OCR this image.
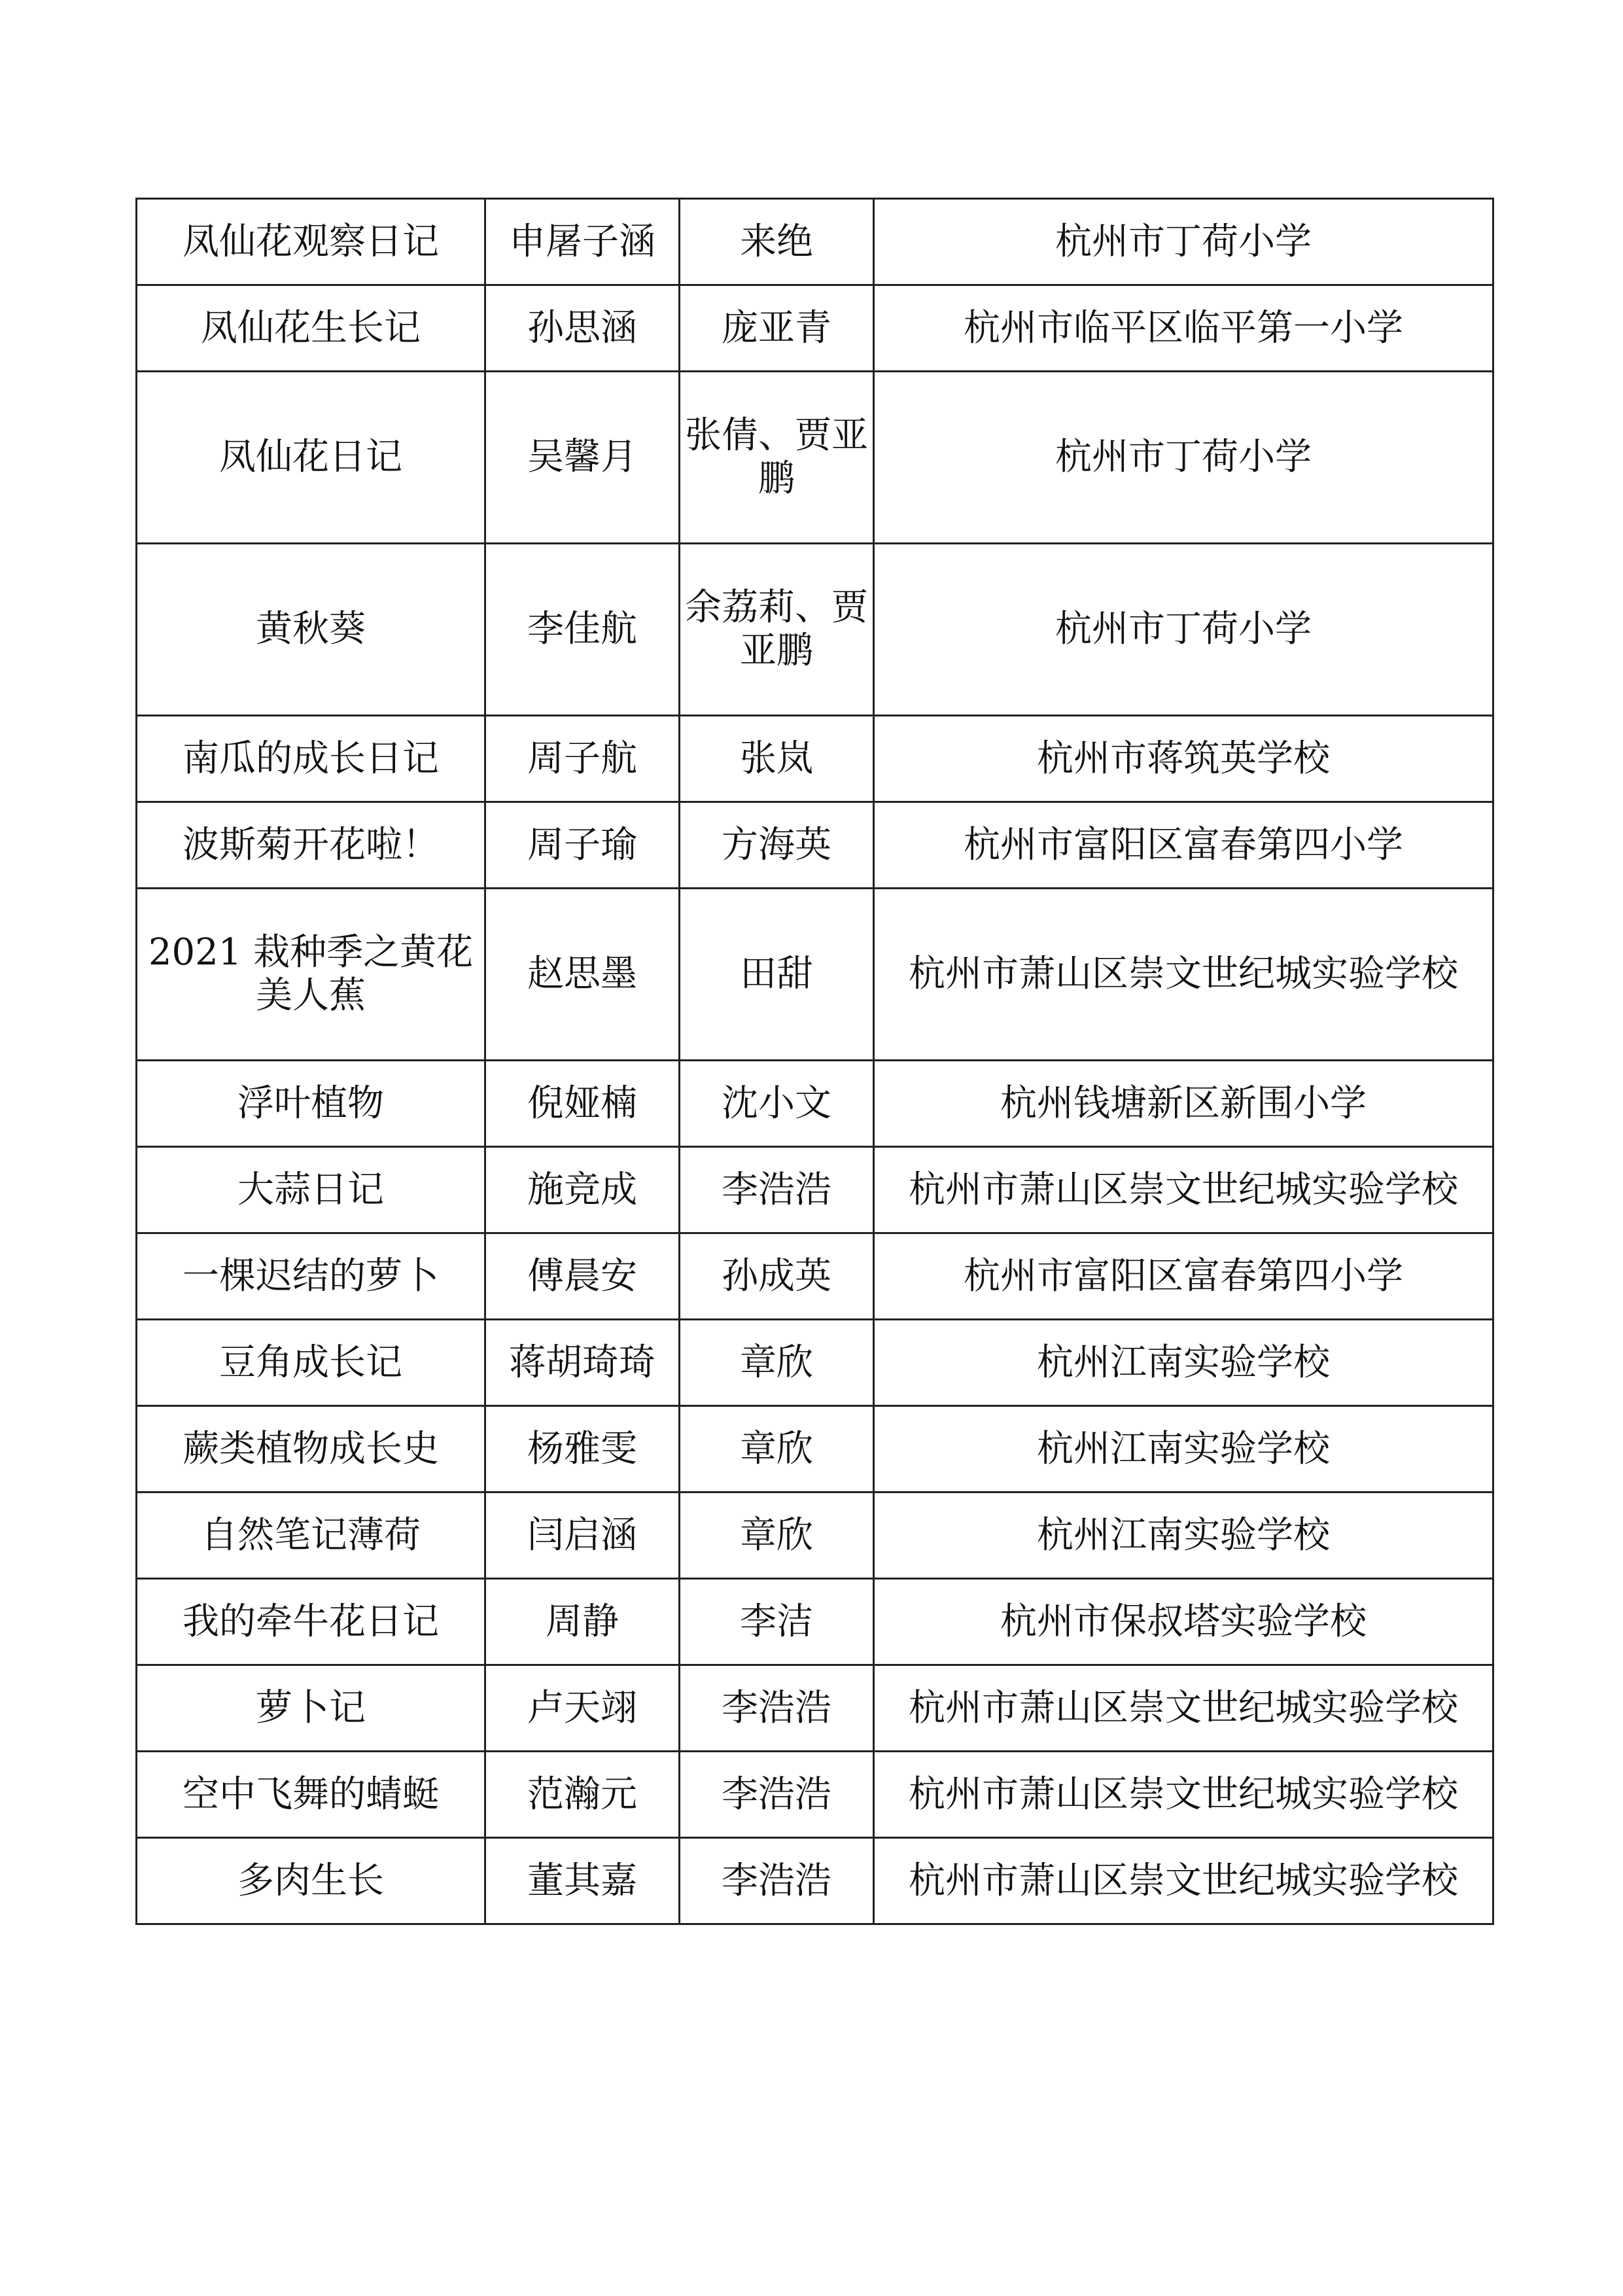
凤仙花观察日记	申屠子涵	来绝	杭州市丁荷小学
凤仙花生长记	孙思涵	庞亚青	杭州市临平区临平第一小学
凤仙花日记	吴馨月	张倩、贾亚鹏	杭州市丁荷小学
黄秋葵	李佳航	余荔莉、贾亚鹏	杭州市丁荷小学
南瓜的成长日记	周子航	张岚	杭州市蒋筑英学校
波斯菊开花啦！	周子瑜	方海英	杭州市富阳区富春第四小学
2021 栽种季之黄花美人蕉	赵思墨	田甜	杭州市萧山区崇文世纪城实验学校
浮叶植物	倪娅楠	沈小文	杭州钱塘新区新围小学
大蒜日记	施竞成	李浩浩	杭州市萧山区崇文世纪城实验学校
一棵迟结的萝卜	傅晨安	孙成英	杭州市富阳区富春第四小学
豆角成长记	蒋胡琦琦	章欣	杭州江南实验学校
蕨类植物成长史	杨雅雯	章欣	杭州江南实验学校
自然笔记薄荷	闫启涵	章欣	杭州江南实验学校
我的牵牛花日记	周静	李洁	杭州市保叔塔实验学校
萝卜记	卢天翊	李浩浩	杭州市萧山区崇文世纪城实验学校
空中飞舞的蜻蜓	范瀚元	李浩浩	杭州市萧山区崇文世纪城实验学校
多肉生长	董其嘉	李浩浩	杭州市萧山区崇文世纪城实验学校
